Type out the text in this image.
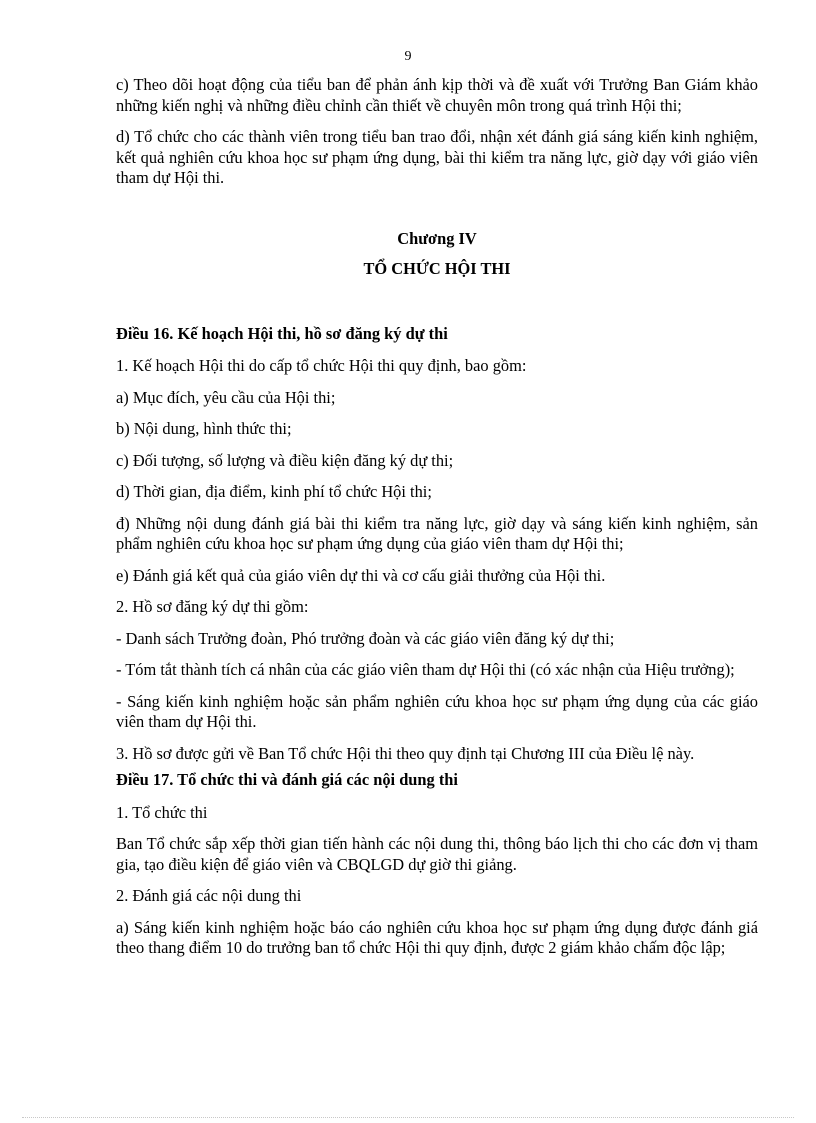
9

c) Theo dõi hoạt động của tiểu ban để phản ánh kịp thời và đề xuất với Trưởng Ban Giám khảo những kiến nghị và những điều chỉnh cần thiết về chuyên môn trong quá trình Hội thi;

d) Tổ chức cho các thành viên trong tiểu ban trao đổi, nhận xét đánh giá sáng kiến kinh nghiệm, kết quả nghiên cứu khoa học sư phạm ứng dụng, bài thi kiểm tra năng lực, giờ dạy với giáo viên tham dự Hội thi.

Chương IV
TỔ CHỨC HỘI THI
Điều 16. Kế hoạch Hội thi, hồ sơ đăng ký dự thi

1. Kế hoạch Hội thi do cấp tổ chức Hội thi quy định, bao gồm:

a) Mục đích, yêu cầu của Hội thi;

b) Nội dung, hình thức thi;

c) Đối tượng, số lượng và điều kiện đăng ký dự thi;

d) Thời gian, địa điểm, kinh phí tổ chức Hội thi;

đ) Những nội dung đánh giá bài thi kiểm tra năng lực, giờ dạy và sáng kiến kinh nghiệm, sản phẩm nghiên cứu khoa học sư phạm ứng dụng của giáo viên tham dự Hội thi;

e) Đánh giá kết quả của giáo viên dự thi và cơ cấu giải thưởng của Hội thi.

2. Hồ sơ đăng ký dự thi gồm:

- Danh sách Trưởng đoàn, Phó trưởng đoàn và các giáo viên đăng ký dự thi;

- Tóm tắt thành tích cá nhân của các giáo viên tham dự Hội thi (có xác nhận của Hiệu trưởng);

- Sáng kiến kinh nghiệm hoặc sản phẩm nghiên cứu khoa học sư phạm ứng dụng của các giáo viên tham dự Hội thi.

3. Hồ sơ được gửi về Ban Tổ chức Hội thi theo quy định tại Chương III của Điều lệ này.

Điều 17. Tổ chức thi và đánh giá các nội dung thi

1. Tổ chức thi

Ban Tổ chức sắp xếp thời gian tiến hành các nội dung thi, thông báo lịch thi cho các đơn vị tham gia, tạo điều kiện để giáo viên và CBQLGD dự giờ thi giảng.

2. Đánh giá các nội dung thi

a) Sáng kiến kinh nghiệm hoặc báo cáo nghiên cứu khoa học sư phạm ứng dụng được đánh giá theo thang điểm 10 do trưởng ban tổ chức Hội thi quy định, được 2 giám khảo chấm độc lập;
